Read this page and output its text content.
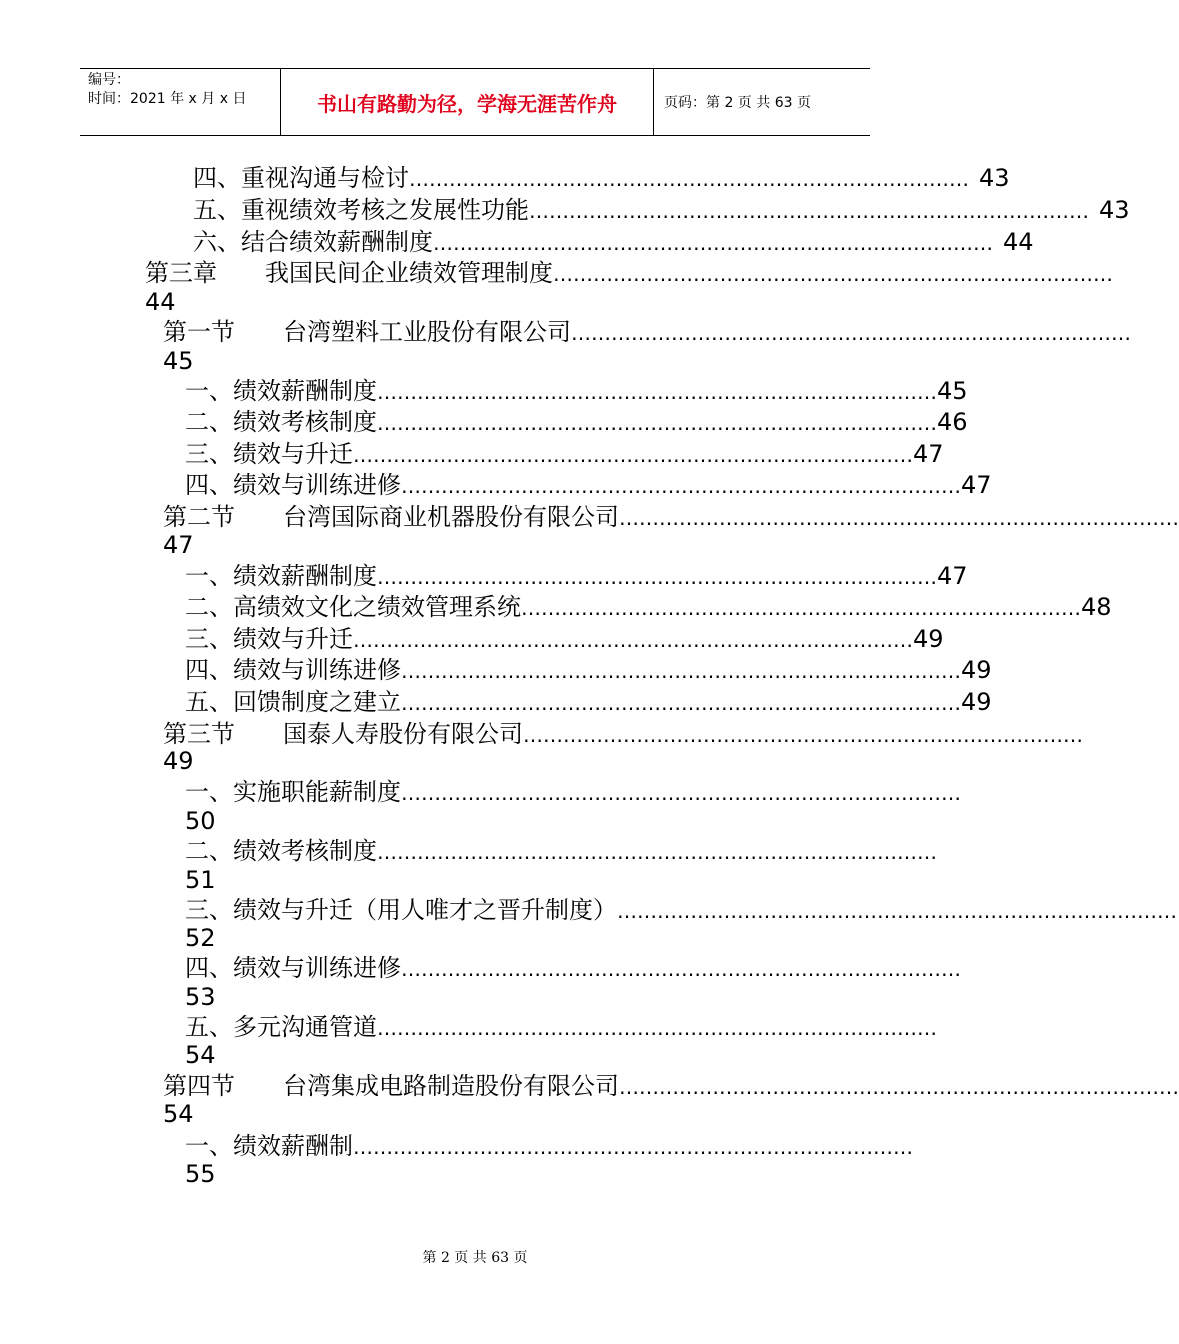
编号：
时间：2021 年 x 月 x 日	书山有路勤为径，学海无涯苦作舟	页码：第 2 页 共 63 页
四、重视沟通与检讨 ………………………………………………………………………… 43
五、重视绩效考核之发展性功能 ………………………………………………………………………… 43
六、结合绩效薪酬制度 ………………………………………………………………………… 44
第三章　　我国民间企业绩效管理制度 …………………………………………………………………………
44
第一节　　台湾塑料工业股份有限公司 …………………………………………………………………………
45
一、绩效薪酬制度 ………………………………………………………………………… 45
二、绩效考核制度 ………………………………………………………………………… 46
三、绩效与升迁 ………………………………………………………………………… 47
四、绩效与训练进修 ………………………………………………………………………… 47
第二节　　台湾国际商业机器股份有限公司 …………………………………………………………………………
47
一、绩效薪酬制度 ………………………………………………………………………… 47
二、高绩效文化之绩效管理系统 ………………………………………………………………………… 48
三、绩效与升迁 ………………………………………………………………………… 49
四、绩效与训练进修 ………………………………………………………………………… 49
五、回馈制度之建立 ………………………………………………………………………… 49
第三节　　国泰人寿股份有限公司 …………………………………………………………………………
49
一、实施职能薪制度 …………………………………………………………………………
50
二、绩效考核制度 …………………………………………………………………………
51
三、绩效与升迁（用人唯才之晋升制度） …………………………………………………………………………
52
四、绩效与训练进修 …………………………………………………………………………
53
五、多元沟通管道 …………………………………………………………………………
54
第四节　　台湾集成电路制造股份有限公司 …………………………………………………………………………
54
一、绩效薪酬制 …………………………………………………………………………
55
第 2 页 共 63 页
